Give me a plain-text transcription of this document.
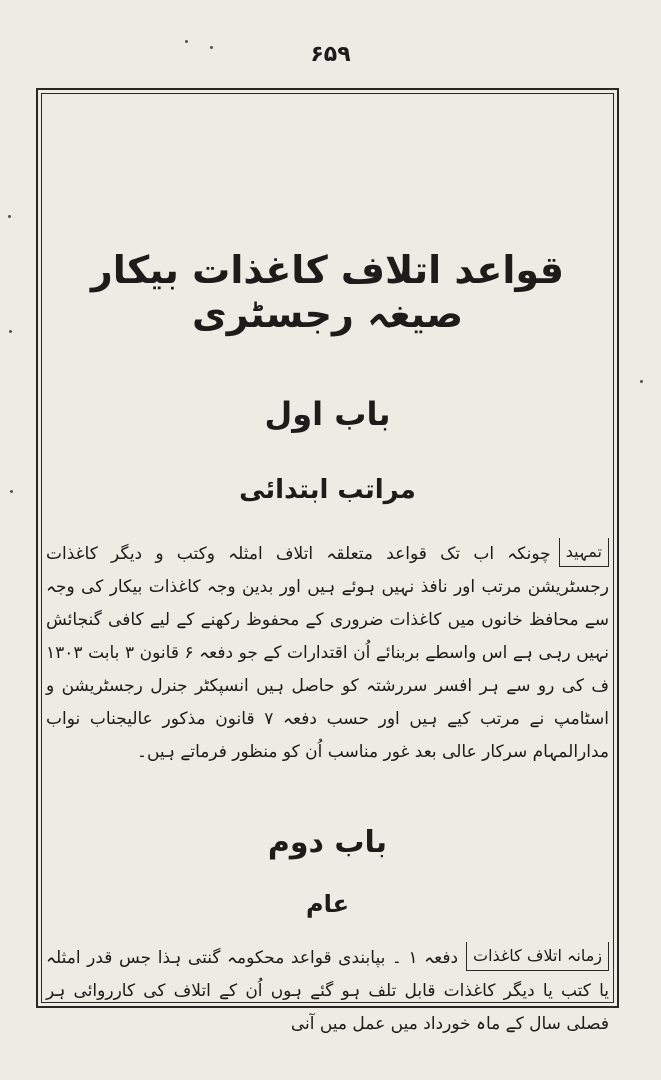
۶۵۹
قواعد اتلاف کاغذات بیکار صیغہ رجسٹری
باب اول
مراتب ابتدائی
تمہید
چونکہ اب تک قواعد متعلقہ اتلاف امثلہ وکتب و دیگر کاغذات رجسٹریشن مرتب اور نافذ نہیں ہوئے ہیں اور بدین وجہ کاغذات بیکار کی وجہ سے محافظ خانوں میں کاغذات ضروری کے محفوظ رکھنے کے لیے کافی گنجائش نہیں رہی ہے اس واسطے بربنائے اُن اقتدارات کے جو دفعہ ۶ قانون ۳ بابت ۱۳۰۳ ف کی رو سے ہر افسر سررشتہ کو حاصل ہیں انسپکٹر جنرل رجسٹریشن و اسٹامپ نے مرتب کیے ہیں اور حسب دفعہ ۷ قانون مذکور عالیجناب نواب مدارالمہام سرکار عالی بعد غور مناسب اُن کو منظور فرماتے ہیں۔
باب دوم
عام
زمانہ اتلاف کاغذات
دفعہ ۱ ۔ بپابندی قواعد محکومہ گنتی ہذا جس قدر امثلہ یا کتب یا دیگر کاغذات قابل تلف ہو گئے ہوں اُن کے اتلاف کی کارروائی ہر فصلی سال کے ماہ خورداد میں عمل میں آنی
